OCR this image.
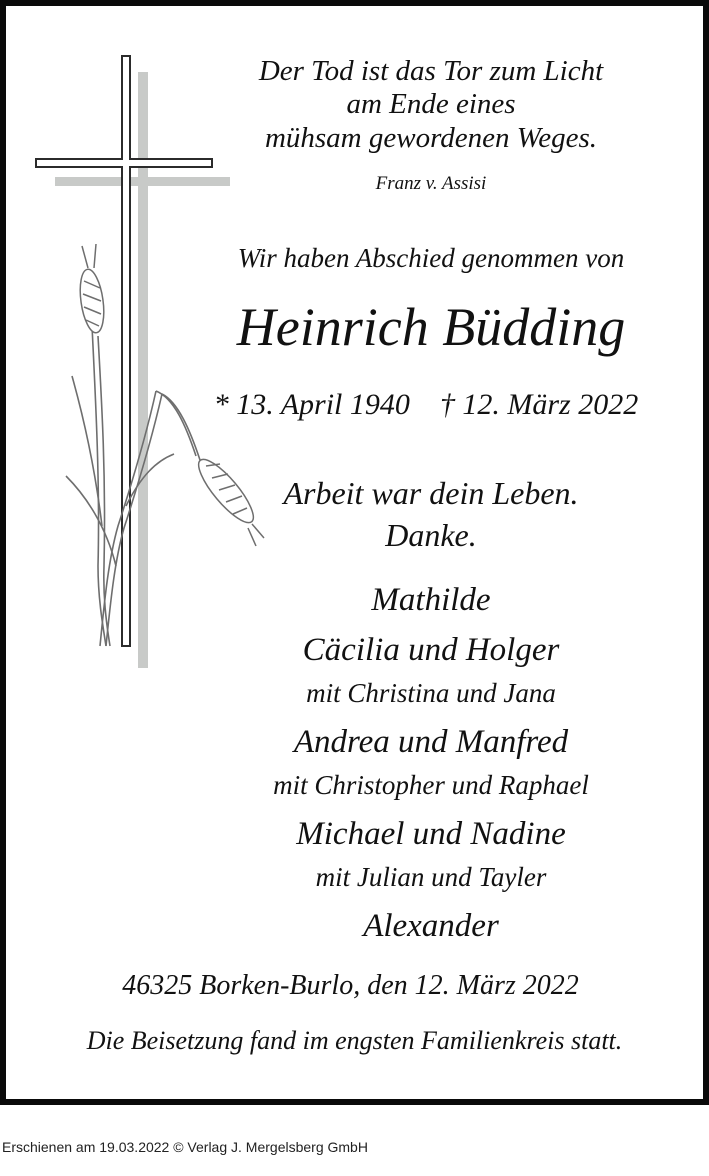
Der Tod ist das Tor zum Licht
am Ende eines
mühsam gewordenen Weges.
Franz v. Assisi
Wir haben Abschied genommen von
Heinrich Büdding
* 13. April 1940    † 12. März 2022
Arbeit war dein Leben.
Danke.
Mathilde
Cäcilia und Holger
mit Christina und Jana
Andrea und Manfred
mit Christopher und Raphael
Michael und Nadine
mit Julian und Tayler
Alexander
46325 Borken-Burlo, den 12. März 2022
Die Beisetzung fand im engsten Familienkreis statt.
Erschienen am 19.03.2022 © Verlag J. Mergelsberg GmbH
